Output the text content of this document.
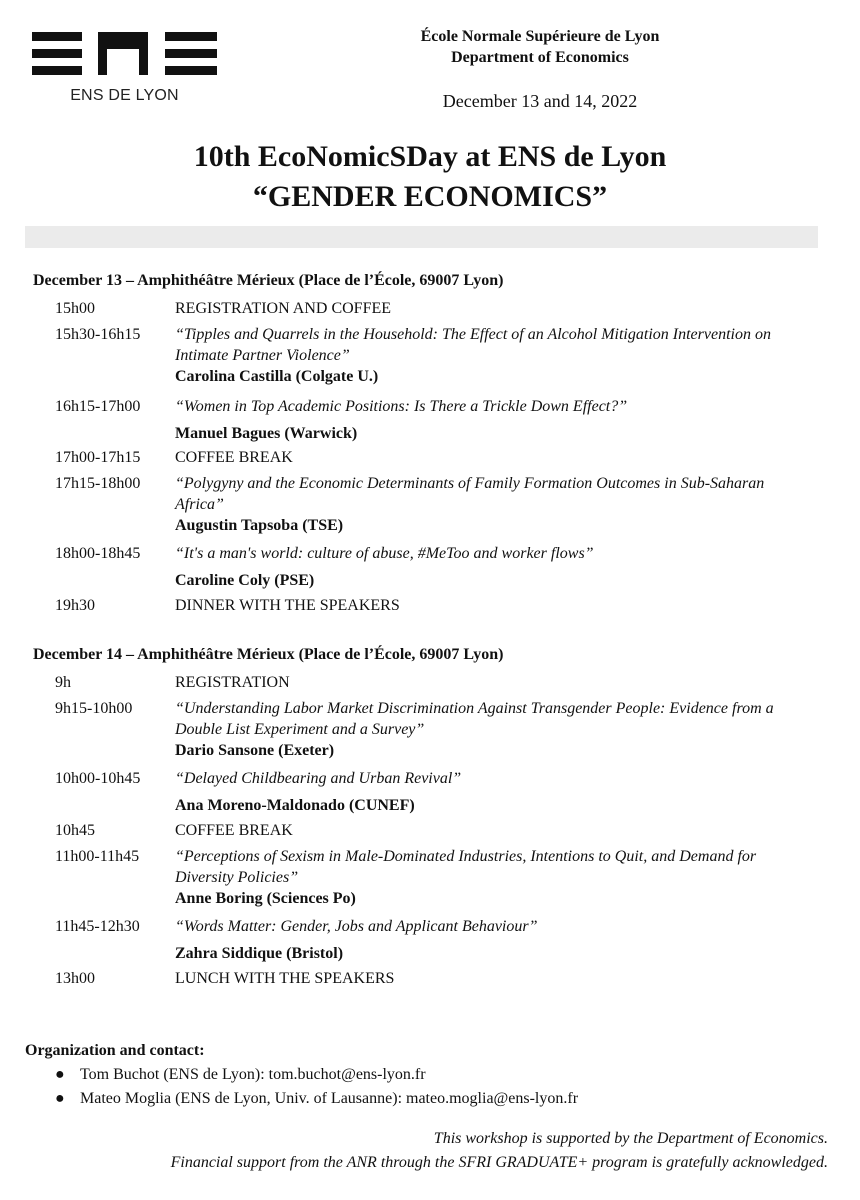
ENS DE LYON
École Normale Supérieure de Lyon
Department of Economics
December 13 and 14, 2022
10th EcoNomicSDay at ENS de Lyon
“GENDER ECONOMICS”
December 13 – Amphithéâtre Mérieux (Place de l’École, 69007 Lyon)
15h00	REGISTRATION AND COFFEE
15h30-16h15	“Tipples and Quarrels in the Household: The Effect of an Alcohol Mitigation Intervention on Intimate Partner Violence”
Carolina Castilla (Colgate U.)
16h15-17h00	“Women in Top Academic Positions: Is There a Trickle Down Effect?”
Manuel Bagues (Warwick)
17h00-17h15	COFFEE BREAK
17h15-18h00	“Polygyny and the Economic Determinants of Family Formation Outcomes in Sub-Saharan Africa”
Augustin Tapsoba (TSE)
18h00-18h45	“It's a man's world: culture of abuse, #MeToo and worker flows”
Caroline Coly (PSE)
19h30	DINNER WITH THE SPEAKERS
December 14 – Amphithéâtre Mérieux (Place de l’École, 69007 Lyon)
9h	REGISTRATION
9h15-10h00	“Understanding Labor Market Discrimination Against Transgender People: Evidence from a Double List Experiment and a Survey”
Dario Sansone (Exeter)
10h00-10h45	“Delayed Childbearing and Urban Revival”
Ana Moreno-Maldonado (CUNEF)
10h45	COFFEE BREAK
11h00-11h45	“Perceptions of Sexism in Male-Dominated Industries, Intentions to Quit, and Demand for Diversity Policies”
Anne Boring (Sciences Po)
11h45-12h30	“Words Matter: Gender, Jobs and Applicant Behaviour”
Zahra Siddique (Bristol)
13h00	LUNCH WITH THE SPEAKERS
Organization and contact:
● Tom Buchot (ENS de Lyon): tom.buchot@ens-lyon.fr
● Mateo Moglia (ENS de Lyon, Univ. of Lausanne): mateo.moglia@ens-lyon.fr
This workshop is supported by the Department of Economics.
Financial support from the ANR through the SFRI GRADUATE+ program is gratefully acknowledged.
